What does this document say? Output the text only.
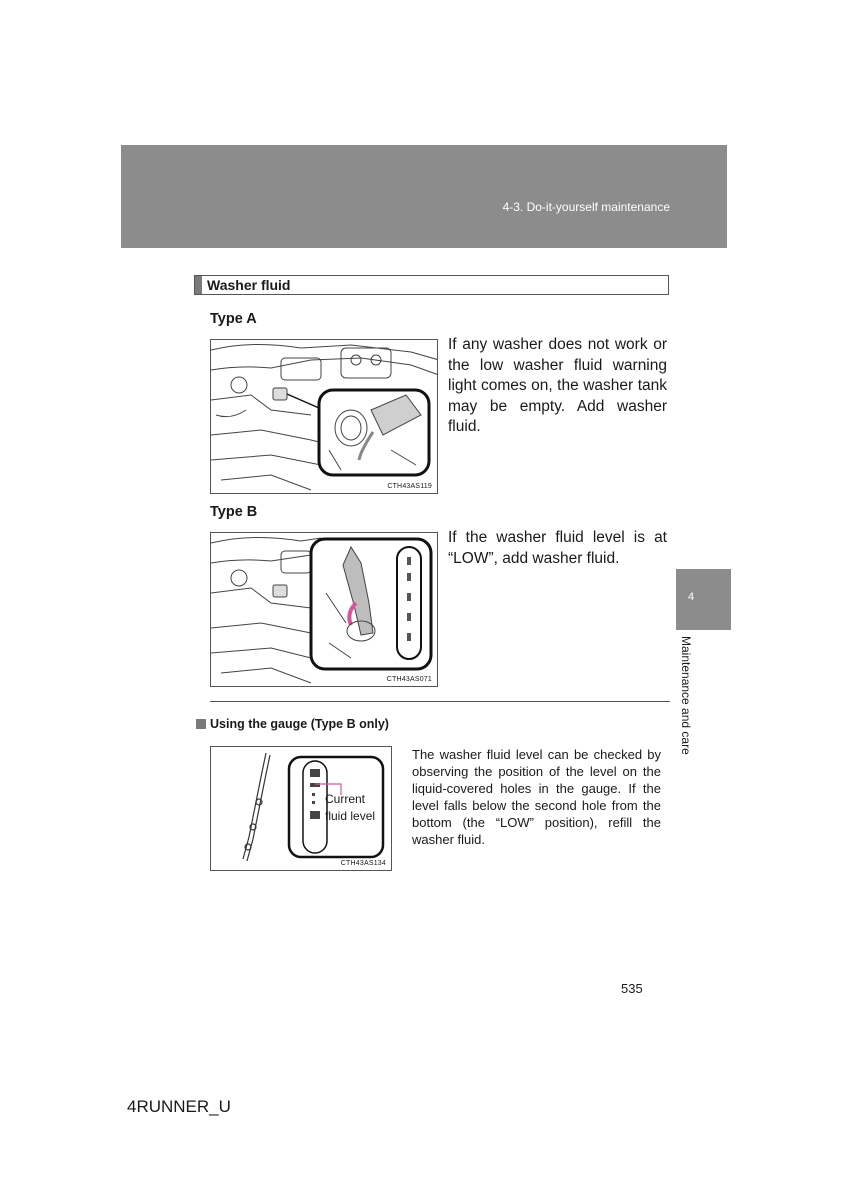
4-3. Do-it-yourself maintenance
Washer fluid
Type A
CTH43AS119
If any washer does not work or the low washer fluid warning light comes on, the washer tank may be empty. Add washer fluid.
Type B
CTH43AS071
If the washer fluid level is at “LOW”, add washer fluid.
Using the gauge (Type B only)
CTH43AS134
Current
fluid level
The washer fluid level can be checked by observing the position of the level on the liquid-covered holes in the gauge. If the level falls below the second hole from the bottom (the “LOW” position), refill the washer fluid.
4
Maintenance and care
535
4RUNNER_U
